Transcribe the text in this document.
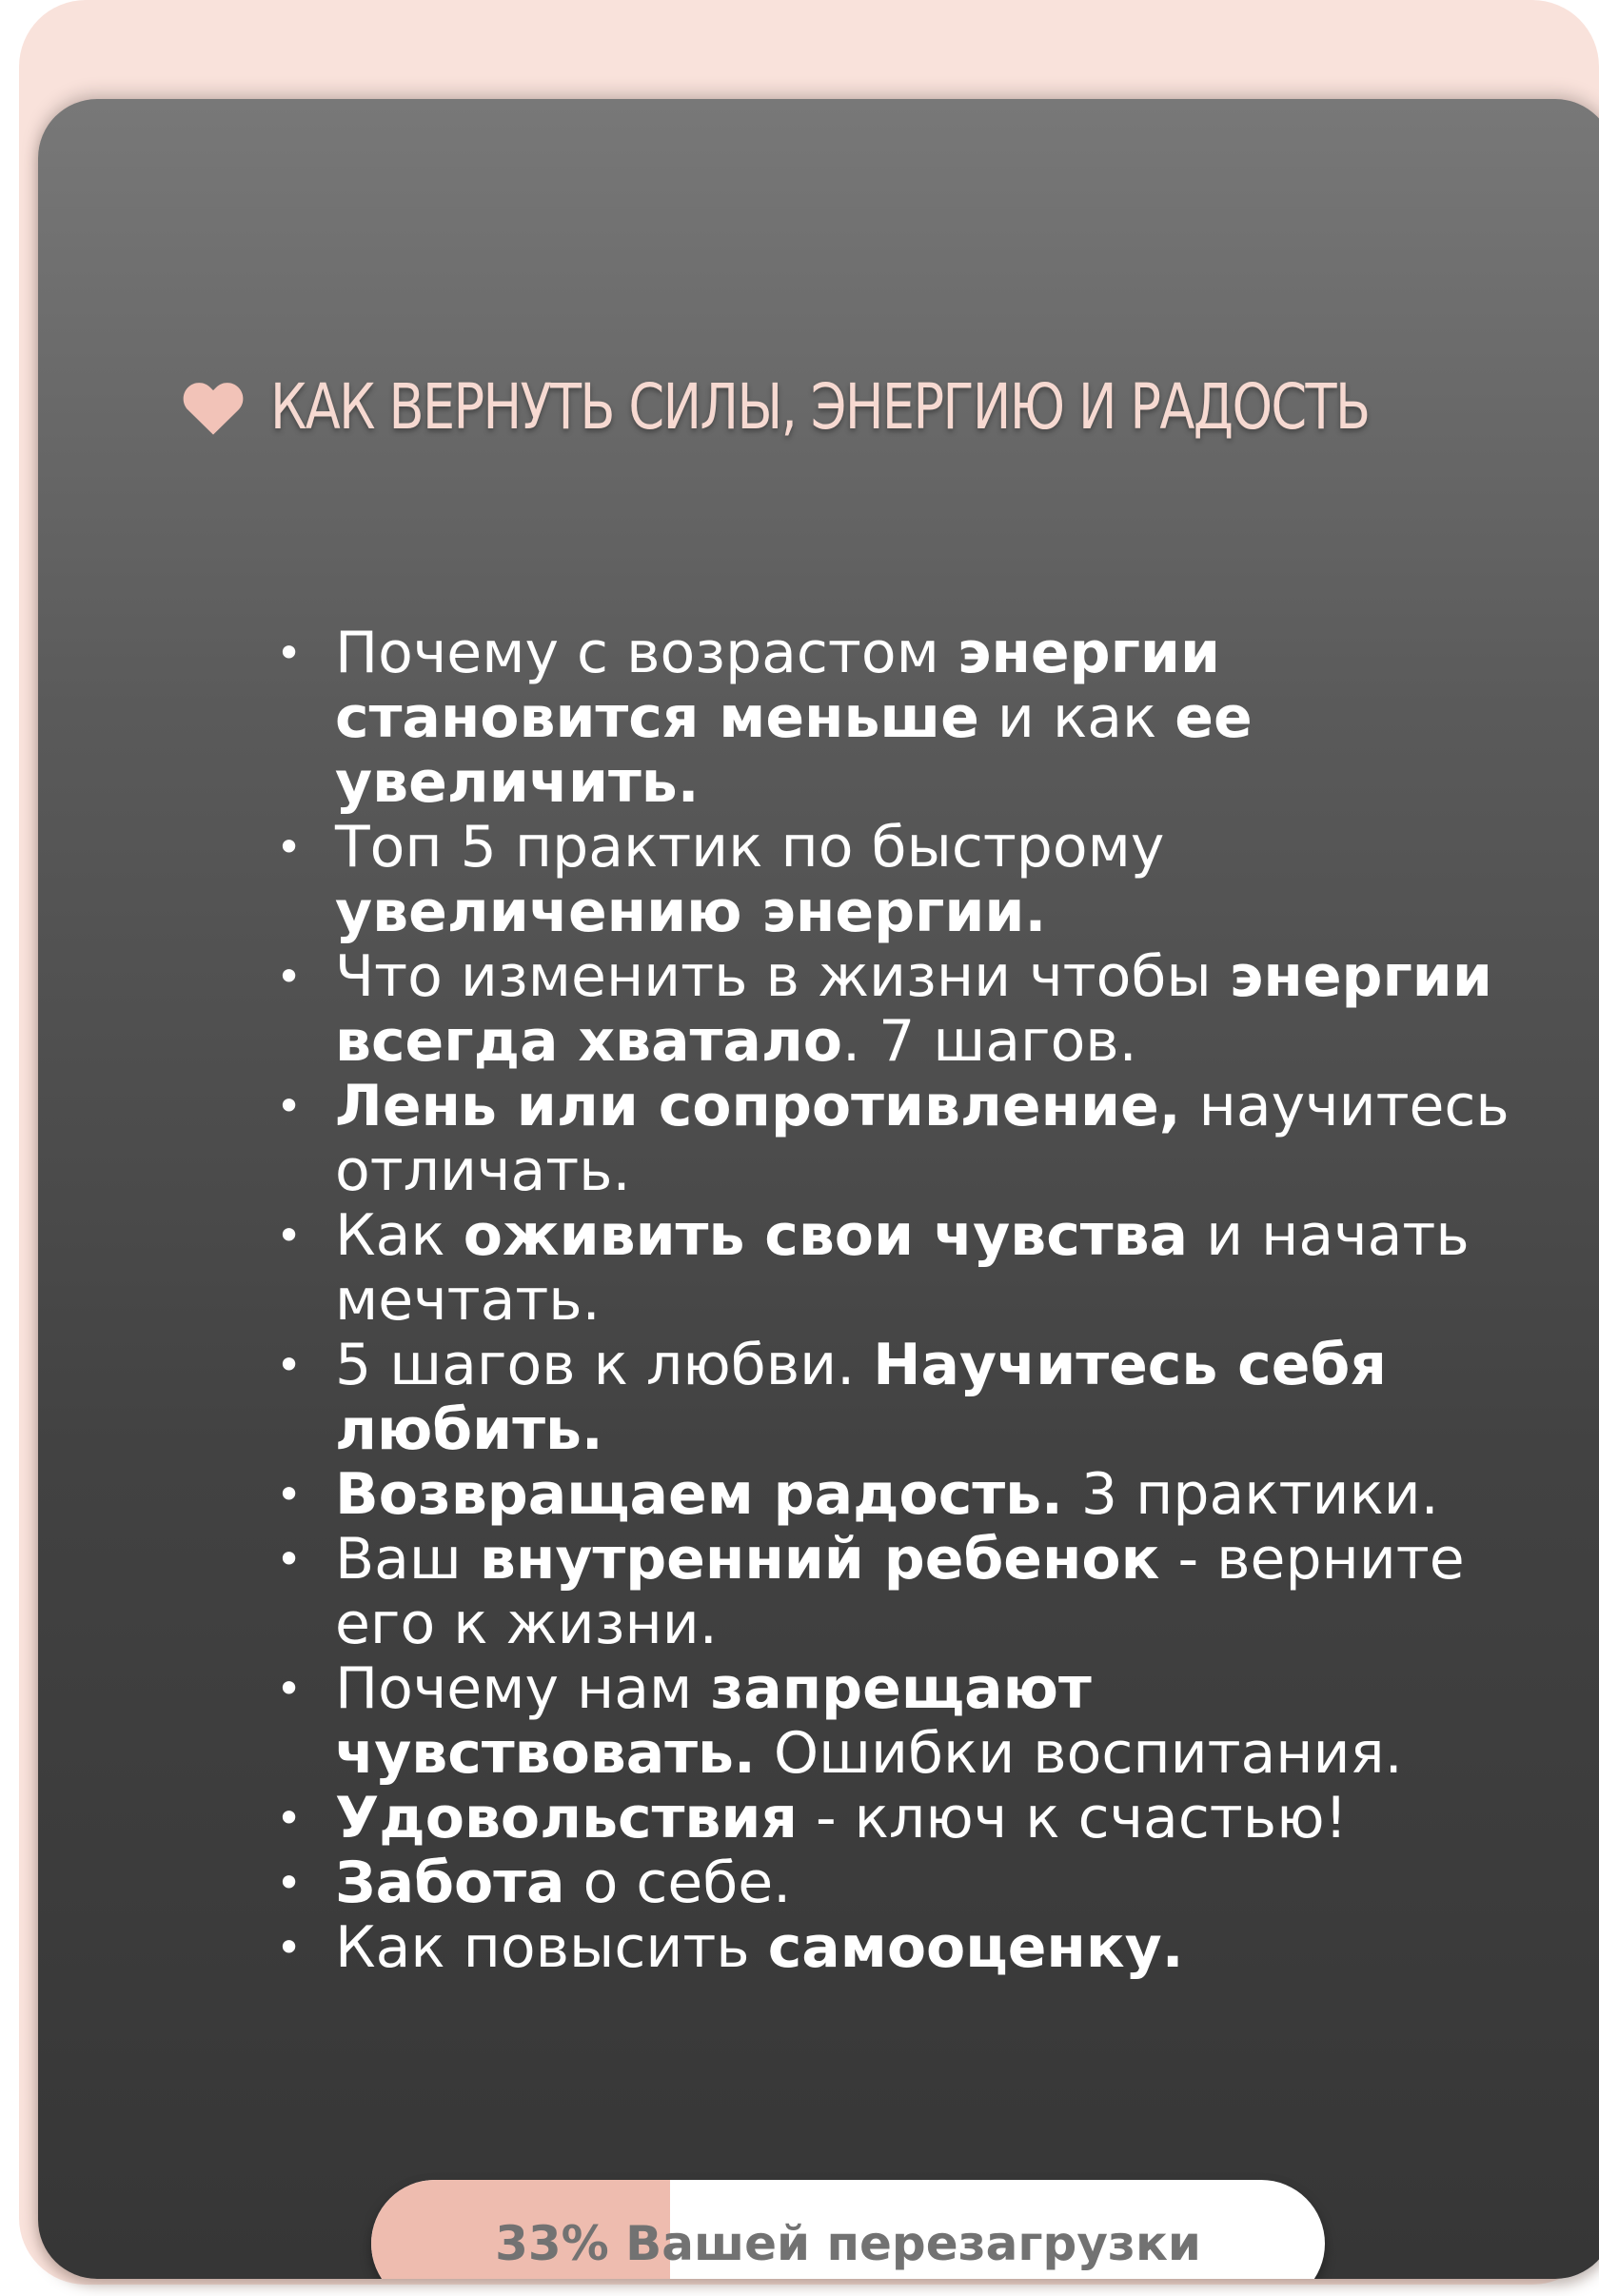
КАК ВЕРНУТЬ СИЛЫ, ЭНЕРГИЮ И РАДОСТЬ
• Почему с возрастом энергии становится меньше и как ее увеличить.
• Топ 5 практик по быстрому увеличению энергии.
• Что изменить в жизни чтобы энергии всегда хватало. 7 шагов.
• Лень или сопротивление, научитесь отличать.
• Как оживить свои чувства и начать мечтать.
• 5 шагов к любви. Научитесь себя любить.
• Возвращаем радость. 3 практики.
• Ваш внутренний ребенок - верните его к жизни.
• Почему нам запрещают чувствовать. Ошибки воспитания.
• Удовольствия - ключ к счастью!
• Забота о себе.
• Как повысить самооценку.
33% Вашей перезагрузки
